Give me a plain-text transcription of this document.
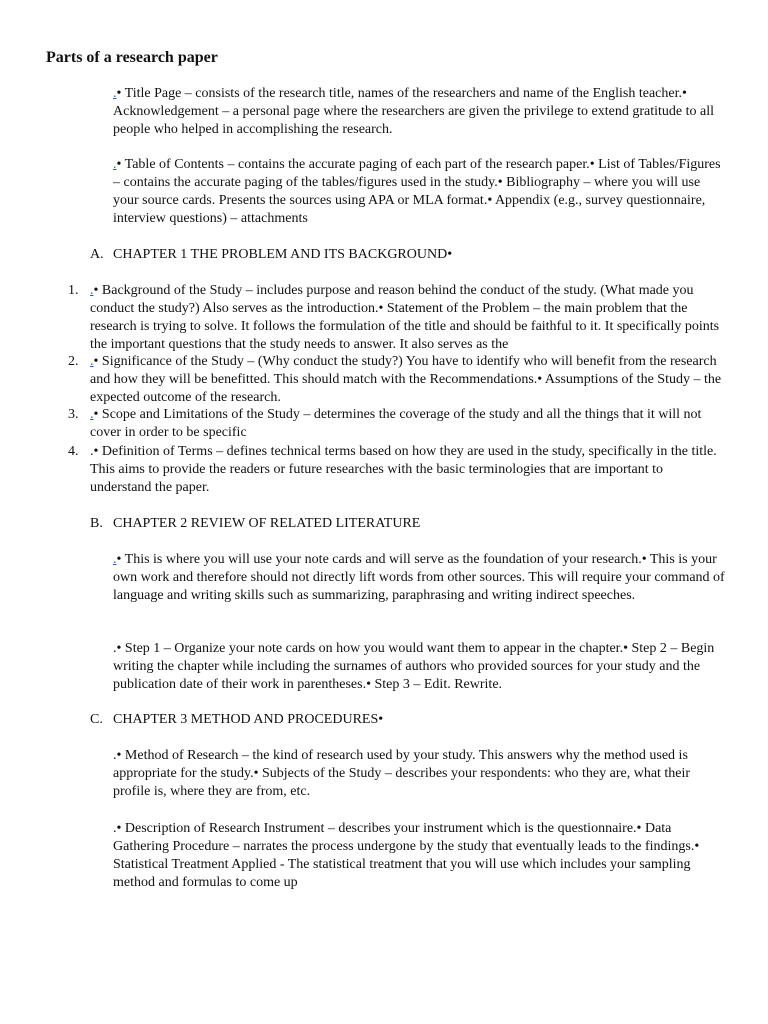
Parts of a research paper
.• Title Page – consists of the research title, names of the researchers and name of the English teacher.• Acknowledgement – a personal page where the researchers are given the privilege to extend gratitude to all people who helped in accomplishing the research.
.• Table of Contents – contains the accurate paging of each part of the research paper.• List of Tables/Figures – contains the accurate paging of the tables/figures used in the study.• Bibliography – where you will use your source cards. Presents the sources using APA or MLA format.• Appendix (e.g., survey questionnaire, interview questions) – attachments
A. CHAPTER 1 THE PROBLEM AND ITS BACKGROUND•
1. .• Background of the Study – includes purpose and reason behind the conduct of the study. (What made you conduct the study?) Also serves as the introduction.• Statement of the Problem – the main problem that the research is trying to solve. It follows the formulation of the title and should be faithful to it. It specifically points the important questions that the study needs to answer. It also serves as the
2. .• Significance of the Study – (Why conduct the study?) You have to identify who will benefit from the research and how they will be benefitted. This should match with the Recommendations.• Assumptions of the Study – the expected outcome of the research.
3. .• Scope and Limitations of the Study – determines the coverage of the study and all the things that it will not cover in order to be specific
4. .• Definition of Terms – defines technical terms based on how they are used in the study, specifically in the title. This aims to provide the readers or future researches with the basic terminologies that are important to understand the paper.
B. CHAPTER 2 REVIEW OF RELATED LITERATURE
.• This is where you will use your note cards and will serve as the foundation of your research.• This is your own work and therefore should not directly lift words from other sources. This will require your command of language and writing skills such as summarizing, paraphrasing and writing indirect speeches.
.• Step 1 – Organize your note cards on how you would want them to appear in the chapter.• Step 2 – Begin writing the chapter while including the surnames of authors who provided sources for your study and the publication date of their work in parentheses.• Step 3 – Edit. Rewrite.
C. CHAPTER 3 METHOD AND PROCEDURES•
.• Method of Research – the kind of research used by your study. This answers why the method used is appropriate for the study.• Subjects of the Study – describes your respondents: who they are, what their profile is, where they are from, etc.
.• Description of Research Instrument – describes your instrument which is the questionnaire.• Data Gathering Procedure – narrates the process undergone by the study that eventually leads to the findings.• Statistical Treatment Applied - The statistical treatment that you will use which includes your sampling method and formulas to come up
